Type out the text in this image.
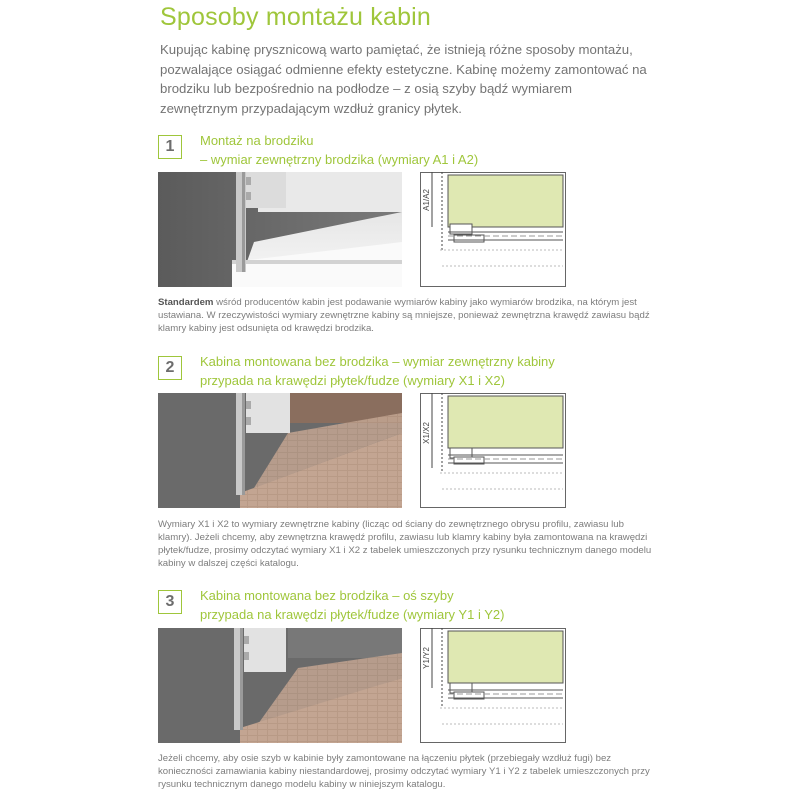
Sposoby montażu kabin
Kupując kabinę prysznicową warto pamiętać, że istnieją różne sposoby montażu, pozwalające osiągać odmienne efekty estetyczne. Kabinę możemy zamontować na brodziku lub bezpośrednio na podłodze – z osią szyby bądź wymiarem zewnętrznym przypadającym wzdłuż granicy płytek.
1	Montaż na brodziku
– wymiar zewnętrzny brodzika (wymiary A1 i A2)
A1/A2
Standardem wśród producentów kabin jest podawanie wymiarów kabiny jako wymiarów brodzika, na którym jest ustawiana. W rzeczywistości wymiary zewnętrzne kabiny są mniejsze, ponieważ zewnętrzna krawędź zawiasu bądź klamry kabiny jest odsunięta od krawędzi brodzika.
2	Kabina montowana bez brodzika – wymiar zewnętrzny kabiny
przypada na krawędzi płytek/fudze (wymiary X1 i X2)
X1/X2
Wymiary X1 i X2 to wymiary zewnętrzne kabiny (licząc od ściany do zewnętrznego obrysu profilu, zawiasu lub klamry). Jeżeli chcemy, aby zewnętrzna krawędź profilu, zawiasu lub klamry kabiny była zamontowana na krawędzi płytek/fudze, prosimy odczytać wymiary X1 i X2 z tabelek umieszczonych przy rysunku technicznym danego modelu kabiny w dalszej części katalogu.
3	Kabina montowana bez brodzika – oś szyby
przypada na krawędzi płytek/fudze (wymiary Y1 i Y2)
Y1/Y2
Jeżeli chcemy, aby osie szyb w kabinie były zamontowane na łączeniu płytek (przebiegały wzdłuż fugi) bez konieczności zamawiania kabiny niestandardowej, prosimy odczytać wymiary Y1 i Y2 z tabelek umieszczonych przy rysunku technicznym danego modelu kabiny w niniejszym katalogu.
